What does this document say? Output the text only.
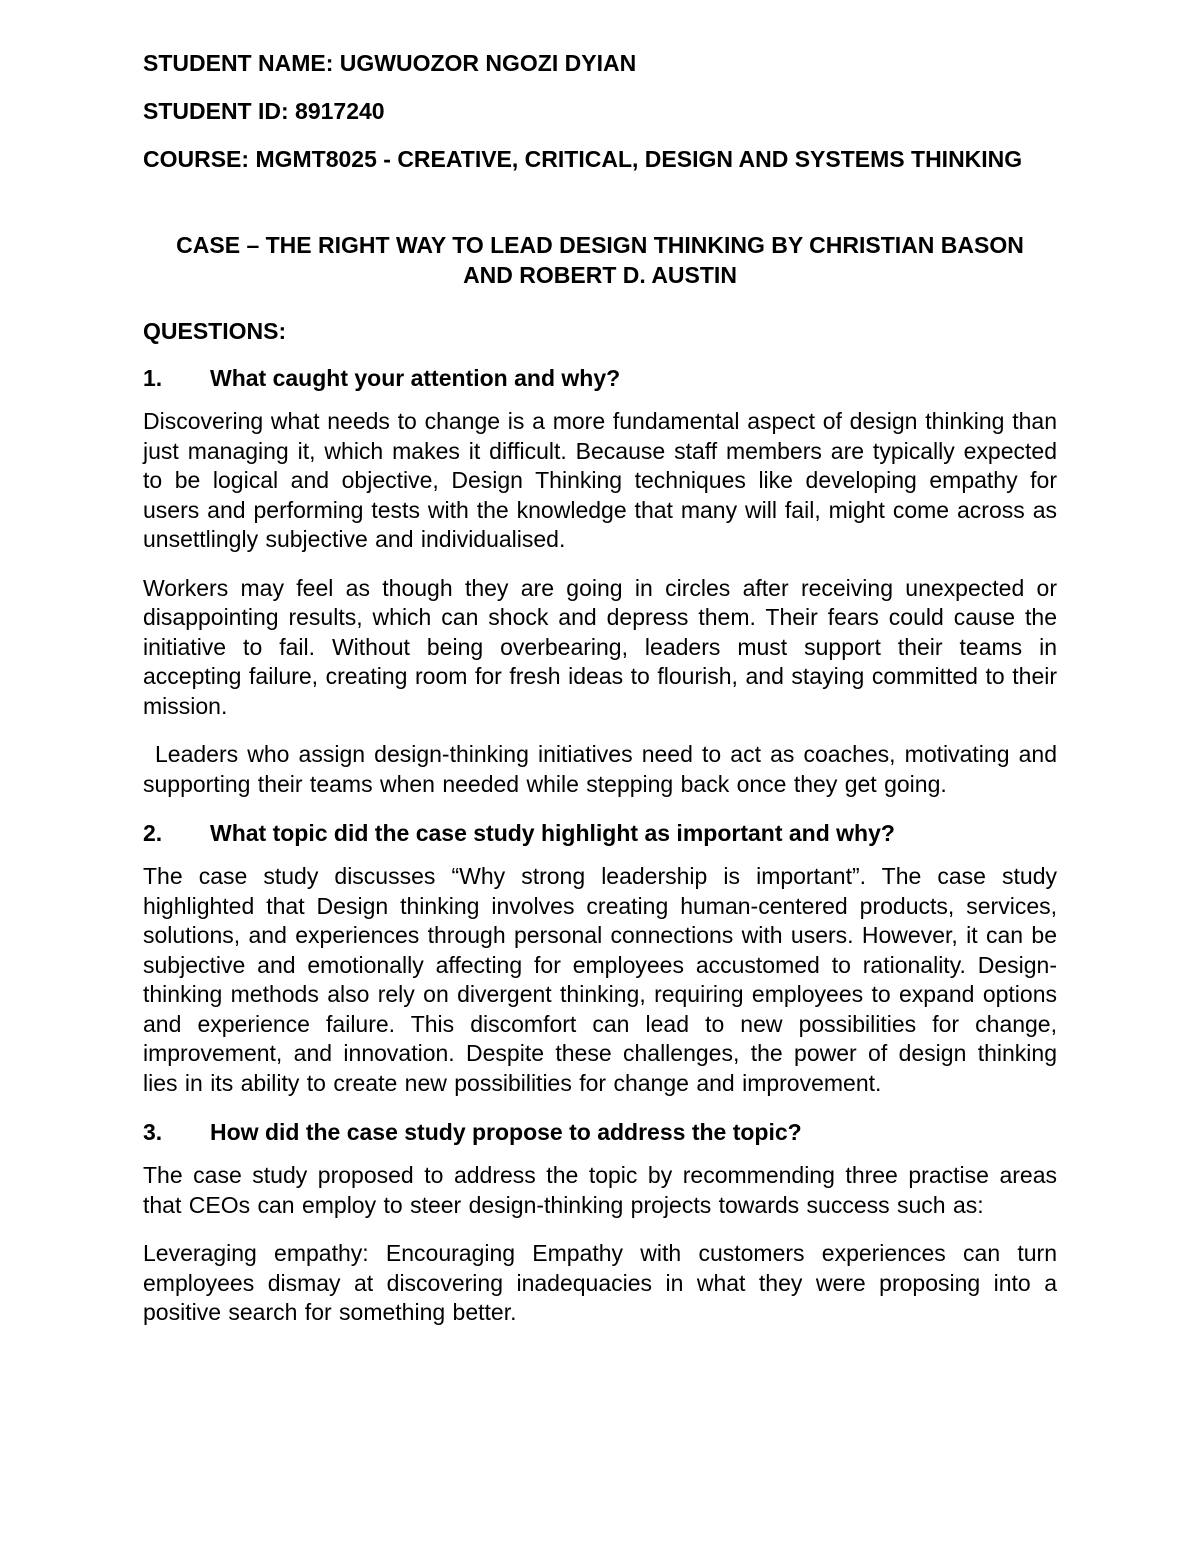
STUDENT NAME: UGWUOZOR NGOZI DYIAN

STUDENT ID: 8917240

COURSE: MGMT8025 - CREATIVE, CRITICAL, DESIGN AND SYSTEMS THINKING

CASE – THE RIGHT WAY TO LEAD DESIGN THINKING BY CHRISTIAN BASON AND ROBERT D. AUSTIN

QUESTIONS:

1.	What caught your attention and why?

Discovering what needs to change is a more fundamental aspect of design thinking than just managing it, which makes it difficult. Because staff members are typically expected to be logical and objective, Design Thinking techniques like developing empathy for users and performing tests with the knowledge that many will fail, might come across as unsettlingly subjective and individualised.

Workers may feel as though they are going in circles after receiving unexpected or disappointing results, which can shock and depress them. Their fears could cause the initiative to fail. Without being overbearing, leaders must support their teams in accepting failure, creating room for fresh ideas to flourish, and staying committed to their mission.

Leaders who assign design-thinking initiatives need to act as coaches, motivating and supporting their teams when needed while stepping back once they get going.

2.	What topic did the case study highlight as important and why?

The case study discusses “Why strong leadership is important”. The case study highlighted that Design thinking involves creating human-centered products, services, solutions, and experiences through personal connections with users. However, it can be subjective and emotionally affecting for employees accustomed to rationality. Design-thinking methods also rely on divergent thinking, requiring employees to expand options and experience failure. This discomfort can lead to new possibilities for change, improvement, and innovation. Despite these challenges, the power of design thinking lies in its ability to create new possibilities for change and improvement.

3.	How did the case study propose to address the topic?

The case study proposed to address the topic by recommending three practise areas that CEOs can employ to steer design-thinking projects towards success such as:

Leveraging empathy: Encouraging Empathy with customers experiences can turn employees dismay at discovering inadequacies in what they were proposing into a positive search for something better.
